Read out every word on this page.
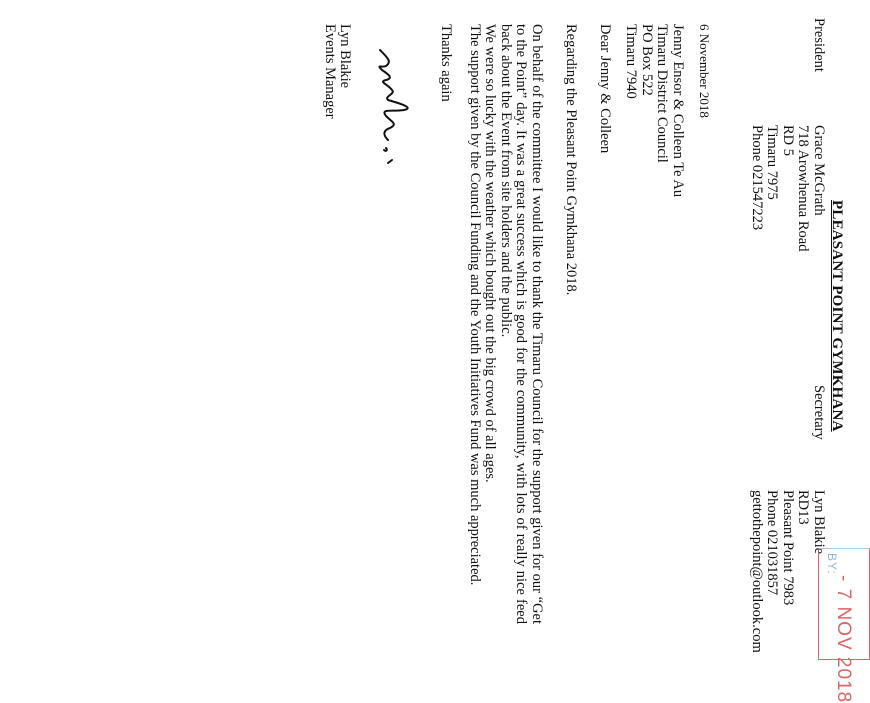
PLEASANT POINT GYMKHANA
President
Grace McGrath
718 Arowhenua Road
RD 5
Timaru 7975
Phone 021547223
Secretary
Lyn Blakie
RD13
Pleasant Point 7983
Phone 021031857
gettothepoint@outlook.com	- 7 NOV 2018
BY:
6 November 2018
Jenny Ensor & Colleen Te Au
Timaru District Council
PO Box 522
Timaru 7940
Dear Jenny & Colleen
Regarding the Pleasant Point Gymkhana 2018.

On behalf of the committee I would like to thank the Timaru Council for the support given for our “Get to the Point” day. It was a great success which is good for the community, with lots of really nice feed back about the Event from site holders and the public.

We were so lucky with the weather which bought out the big crowd of all ages.

The support given by the Council Funding and the Youth Initiatives Fund was much appreciated.

Thanks again
Lyn Blakie
Events Manager
